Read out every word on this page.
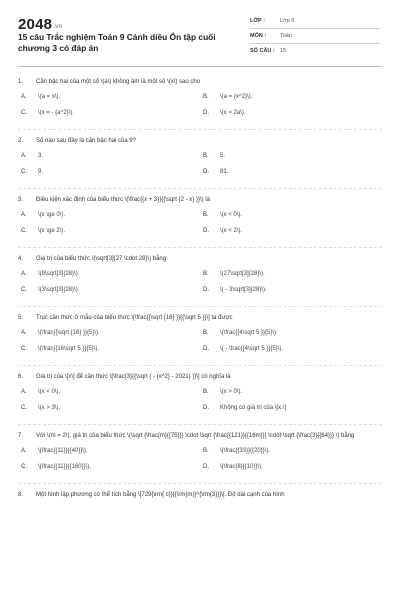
2048.vn
15 câu Trắc nghiệm Toán 9 Cánh diều Ôn tập cuối chương 3 có đáp án
LỚP :	Lớp 9
MÔN :	Toán
SỐ CÂU : 15
1.	Căn bậc hai của một số \(a\) không âm là một số \(x\) sao cho
A.	\(a = x\).	B.	\(a = {x^2}\).
C.	\(x = - {a^2}\).	D.	\(x = 2a\).
2.	Số nào sau đây là căn bậc hai của 9?
A.	3.	B.	5.
C.	9.	D.	81.
3.	Điều kiện xác định của biểu thức \(\frac{{x + 3}}{{\sqrt {2 - x} }}\) là
A.	\(x \ge 0\).	B.	\(x < 0\).
C.	\(x \ge 2\).	D.	\(x < 2\).
4.	Giá trị của biểu thức \(\sqrt[3]{27 \cdot 28}\) bằng
A.	\(9\sqrt[3]{28}\).	B.	\(27\sqrt[3]{28}\).
C.	\(3\sqrt[3]{28}\).	D.	\( - 3\sqrt[3]{28}\).
5.	Trục căn thức ở mẫu của biểu thức \[\frac{{\sqrt {16} }}{{\sqrt 5 }}\] ta được
A.	\(\frac{{\sqrt {16} }}{5}\).	B.	\(\frac{{4\sqrt 5 }}{5}\).
C.	\(\frac{{16\sqrt 5 }}{5}\).	D.	\( - \frac{{4\sqrt 5 }}{5}\).
6.	Giá trị của \[x\] để căn thức \[\frac{3}{{\sqrt { - {x^2} - 2021} }}\] có nghĩa là
A.	\(x < 0\).	B.	\(x > 0\).
C.	\(x > 3\).	D.	Không có giá trị của \[x.\]
7.	Với \(m = 2\), giá trị của biểu thức \(\sqrt {\frac{m}{{75}}} \cdot \sqrt {\frac{{121}}{{16m}}} \cdot \sqrt {\frac{3}{{64}}} \) bằng
A.	\(\frac{{11}}{{40}}\).	B.	\(\frac{{33}}{{20}}\).
C.	\(\frac{{11}}{{160}}\).	D.	\(\frac{8}{{10}}\).
8.	Một hình lập phương có thể tích bằng \[729{\rm{ c}}{{\rm{m}}^{\rm{3}}}\]. Độ dài cạnh của hình
